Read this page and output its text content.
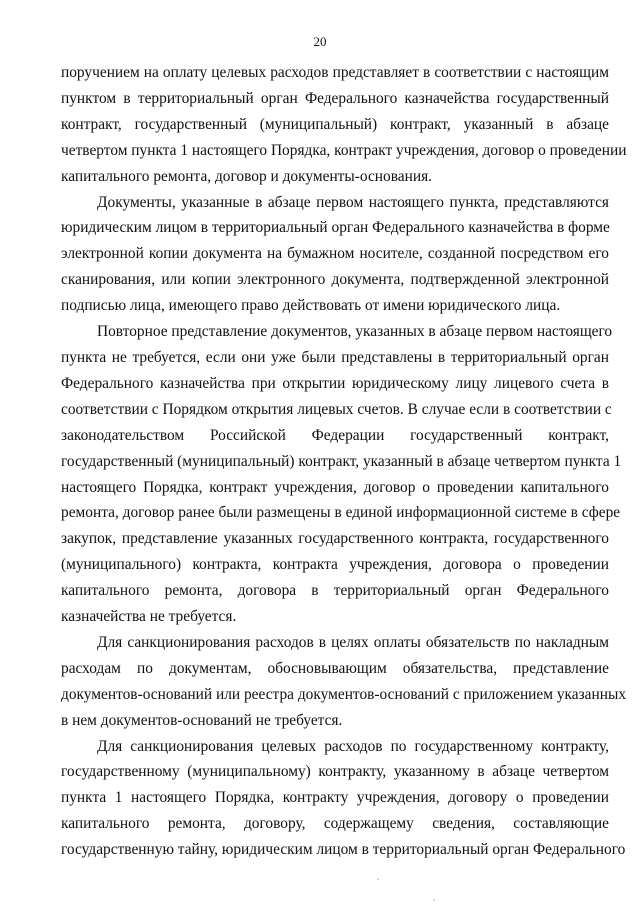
20

поручением на оплату целевых расходов представляет в соответствии с настоящим
пунктом в территориальный орган Федерального казначейства государственный
контракт, государственный (муниципальный) контракт, указанный в абзаце
четвертом пункта 1 настоящего Порядка, контракт учреждения, договор о проведении
капитального ремонта, договор и документы-основания.

Документы, указанные в абзаце первом настоящего пункта, представляются
юридическим лицом в территориальный орган Федерального казначейства в форме
электронной копии документа на бумажном носителе, созданной посредством его
сканирования, или копии электронного документа, подтвержденной электронной
подписью лица, имеющего право действовать от имени юридического лица.

Повторное представление документов, указанных в абзаце первом настоящего
пункта не требуется, если они уже были представлены в территориальный орган
Федерального казначейства при открытии юридическому лицу лицевого счета в
соответствии с Порядком открытия лицевых счетов. В случае если в соответствии с
законодательством Российской Федерации государственный контракт,
государственный (муниципальный) контракт, указанный в абзаце четвертом пункта 1
настоящего Порядка, контракт учреждения, договор о проведении капитального
ремонта, договор ранее были размещены в единой информационной системе в сфере
закупок, представление указанных государственного контракта, государственного
(муниципального) контракта, контракта учреждения, договора о проведении
капитального ремонта, договора в территориальный орган Федерального
казначейства не требуется.

Для санкционирования расходов в целях оплаты обязательств по накладным
расходам по документам, обосновывающим обязательства, представление
документов-оснований или реестра документов-оснований с приложением указанных
в нем документов-оснований не требуется.

Для санкционирования целевых расходов по государственному контракту,
государственному (муниципальному) контракту, указанному в абзаце четвертом
пункта 1 настоящего Порядка, контракту учреждения, договору о проведении
капитального ремонта, договору, содержащему сведения, составляющие
государственную тайну, юридическим лицом в территориальный орган Федерального
